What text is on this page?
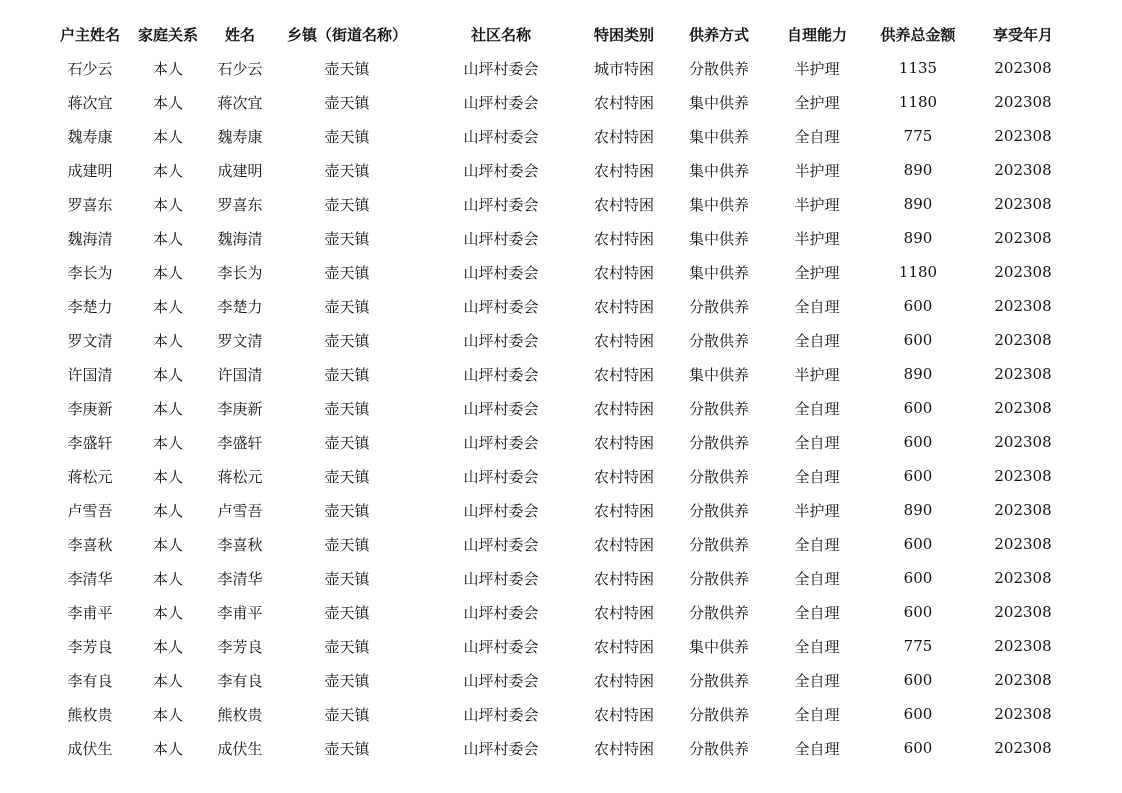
户主姓名	家庭关系	姓名	乡镇（街道名称）	社区名称	特困类别	供养方式	自理能力	供养总金额	享受年月
石少云	本人	石少云	壶天镇	山坪村委会	城市特困	分散供养	半护理	1135	202308
蒋次宜	本人	蒋次宜	壶天镇	山坪村委会	农村特困	集中供养	全护理	1180	202308
魏寿康	本人	魏寿康	壶天镇	山坪村委会	农村特困	集中供养	全自理	775	202308
成建明	本人	成建明	壶天镇	山坪村委会	农村特困	集中供养	半护理	890	202308
罗喜东	本人	罗喜东	壶天镇	山坪村委会	农村特困	集中供养	半护理	890	202308
魏海清	本人	魏海清	壶天镇	山坪村委会	农村特困	集中供养	半护理	890	202308
李长为	本人	李长为	壶天镇	山坪村委会	农村特困	集中供养	全护理	1180	202308
李楚力	本人	李楚力	壶天镇	山坪村委会	农村特困	分散供养	全自理	600	202308
罗文清	本人	罗文清	壶天镇	山坪村委会	农村特困	分散供养	全自理	600	202308
许国清	本人	许国清	壶天镇	山坪村委会	农村特困	集中供养	半护理	890	202308
李庚新	本人	李庚新	壶天镇	山坪村委会	农村特困	分散供养	全自理	600	202308
李盛轩	本人	李盛轩	壶天镇	山坪村委会	农村特困	分散供养	全自理	600	202308
蒋松元	本人	蒋松元	壶天镇	山坪村委会	农村特困	分散供养	全自理	600	202308
卢雪吾	本人	卢雪吾	壶天镇	山坪村委会	农村特困	分散供养	半护理	890	202308
李喜秋	本人	李喜秋	壶天镇	山坪村委会	农村特困	分散供养	全自理	600	202308
李清华	本人	李清华	壶天镇	山坪村委会	农村特困	分散供养	全自理	600	202308
李甫平	本人	李甫平	壶天镇	山坪村委会	农村特困	分散供养	全自理	600	202308
李芳良	本人	李芳良	壶天镇	山坪村委会	农村特困	集中供养	全自理	775	202308
李有良	本人	李有良	壶天镇	山坪村委会	农村特困	分散供养	全自理	600	202308
熊枚贵	本人	熊枚贵	壶天镇	山坪村委会	农村特困	分散供养	全自理	600	202308
成伏生	本人	成伏生	壶天镇	山坪村委会	农村特困	分散供养	全自理	600	202308
